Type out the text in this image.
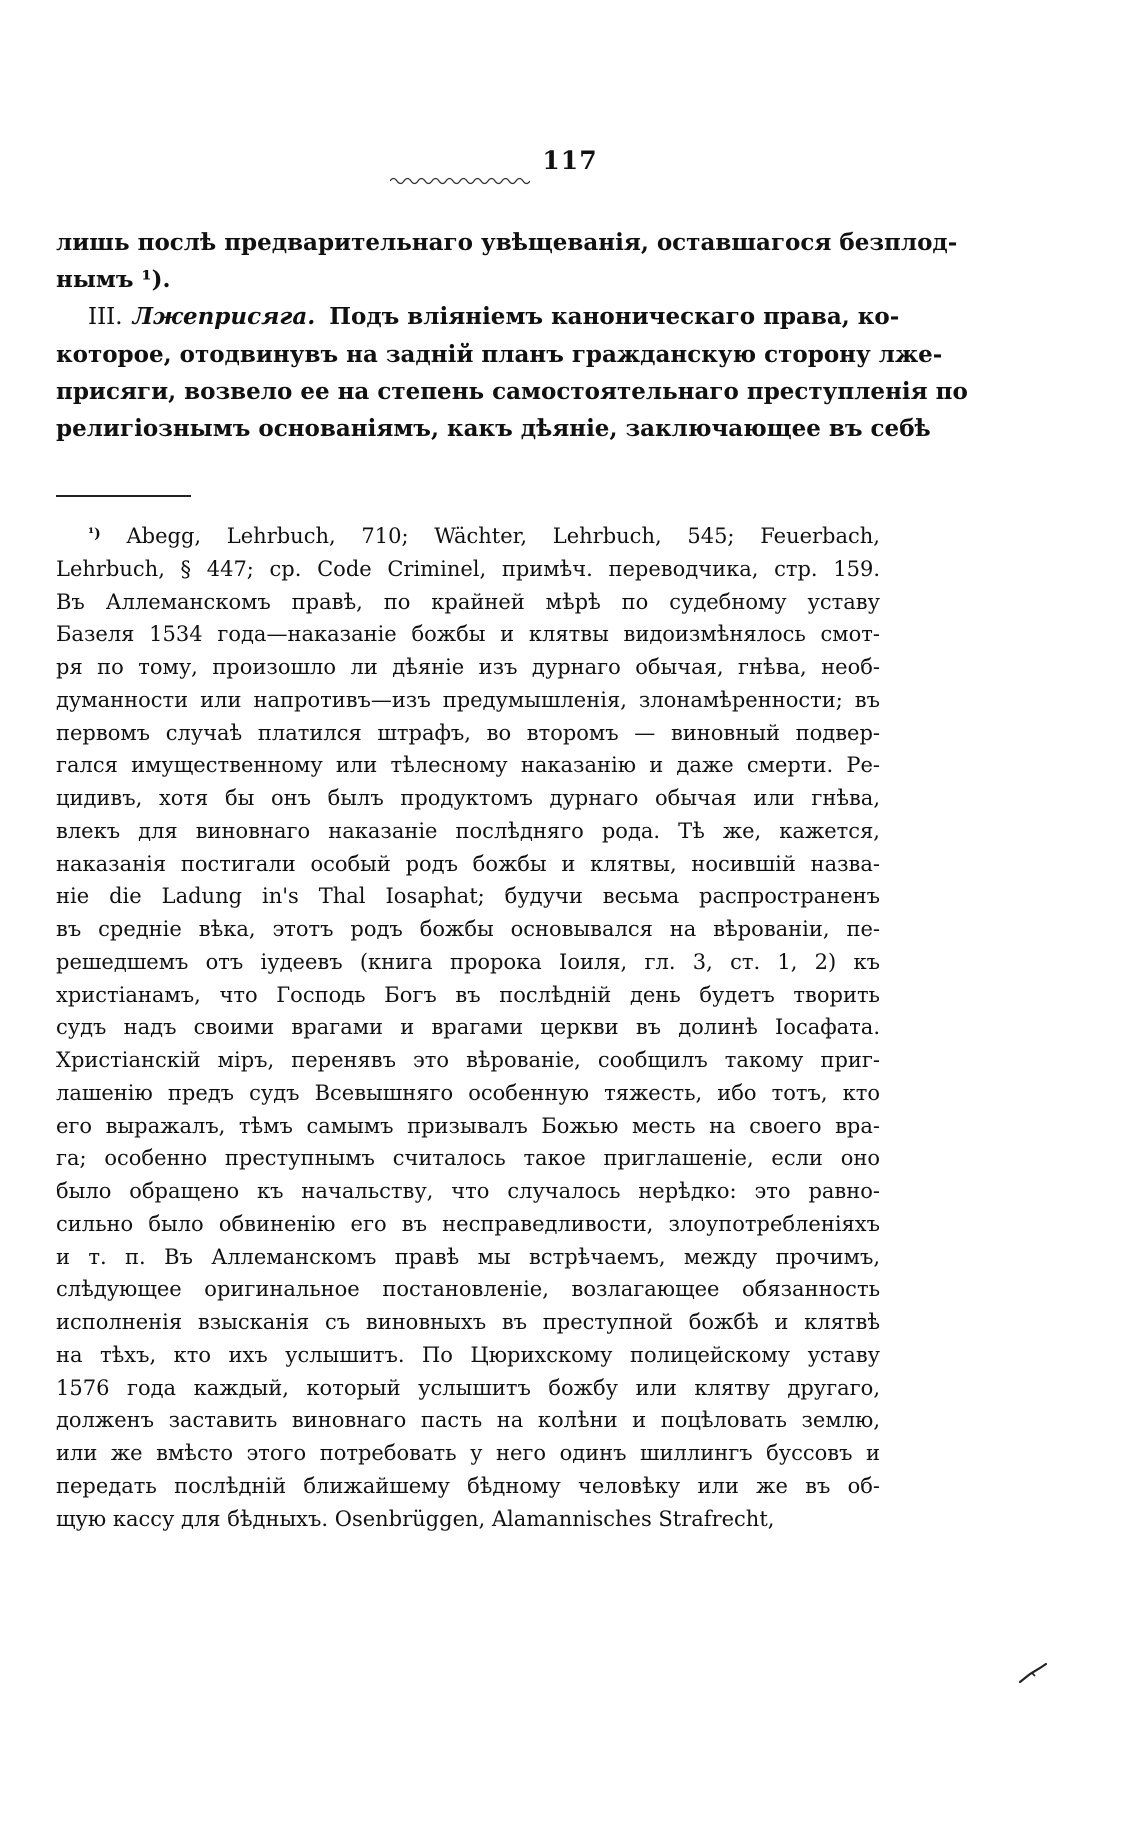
117
лишь послѣ предварительнаго увѣщеванія, оставшагося безплод-
нымъ ¹).
III. Лжеприсяга. Подъ влiянiемъ каноническаго права, ко-
которое, отодвинувъ на заднiй планъ гражданскую сторону лже-
присяги, возвело ее на степень самостоятельнаго преступленiя по
религiознымъ основанiямъ, какъ дѣянiе, заключающее въ себѣ
$^{^1)}$ Abegg, Lehrbuch, 710; Wächter, Lehrbuch, 545; Feuerbach,
Lehrbuch, § 447; ср. Code Criminel, примѣч. переводчика, стр. 159.
Въ Аллеманскомъ правѣ, по крайней мѣрѣ по судебному уставу
Базеля 1534 года—наказанiе божбы и клятвы видоизмѣнялось смот-
ря по тому, произошло ли дѣянiе изъ дурнаго обычая, гнѣва, необ-
думанности или напротивъ—изъ предумышленiя, злонамѣренности; въ
первомъ случаѣ платился штрафъ, во второмъ — виновный подвер-
гался имущественному или тѣлесному наказанiю и даже смерти. Ре-
цидивъ, хотя бы онъ былъ продуктомъ дурнаго обычая или гнѣва,
влекъ для виновнаго наказанiе послѣдняго рода. Тѣ же, кажется,
наказанiя постигали особый родъ божбы и клятвы, носившiй назва-
нiе die Ladung in's Thal Iosaphat; будучи весьма распространенъ
въ средніе вѣка, этотъ родъ божбы основывался на вѣрованiи, пе-
решедшемъ отъ iудеевъ (книга пророка Iоиля, гл. 3, ст. 1, 2) къ
христiанамъ, что Господь Богъ въ послѣднiй день будетъ творить
судъ надъ своими врагами и врагами церкви въ долинѣ Iосафата.
Христiанскiй мiръ, перенявъ это вѣрованiе, сообщилъ такому приг-
лашенiю предъ судъ Всевышняго особенную тяжесть, ибо тотъ, кто
его выражалъ, тѣмъ самымъ призывалъ Божью месть на своего вра-
га; особенно преступнымъ считалось такое приглашенiе, если оно
было обращено къ начальству, что случалось нерѣдко: это равно-
сильно было обвиненiю его въ несправедливости, злоупотребленiяхъ
и т. п. Въ Аллеманскомъ правѣ мы встрѣчаемъ, между прочимъ,
слѣдующее оригинальное постановленiе, возлагающее обязанность
исполненiя взысканiя съ виновныхъ въ преступной божбѣ и клятвѣ
на тѣхъ, кто ихъ услышитъ. По Цюрихскому полицейскому уставу
1576 года каждый, который услышитъ божбу или клятву другаго,
долженъ заставить виновнаго пасть на колѣни и поцѣловать землю,
или же вмѣсто этого потребовать у него одинъ шиллингъ буссовъ и
передать послѣднiй ближайшему бѣдному человѣку или же въ об-
щую кассу для бѣдныхъ. Osenbrüggen, Alamannisches Strafrecht,
